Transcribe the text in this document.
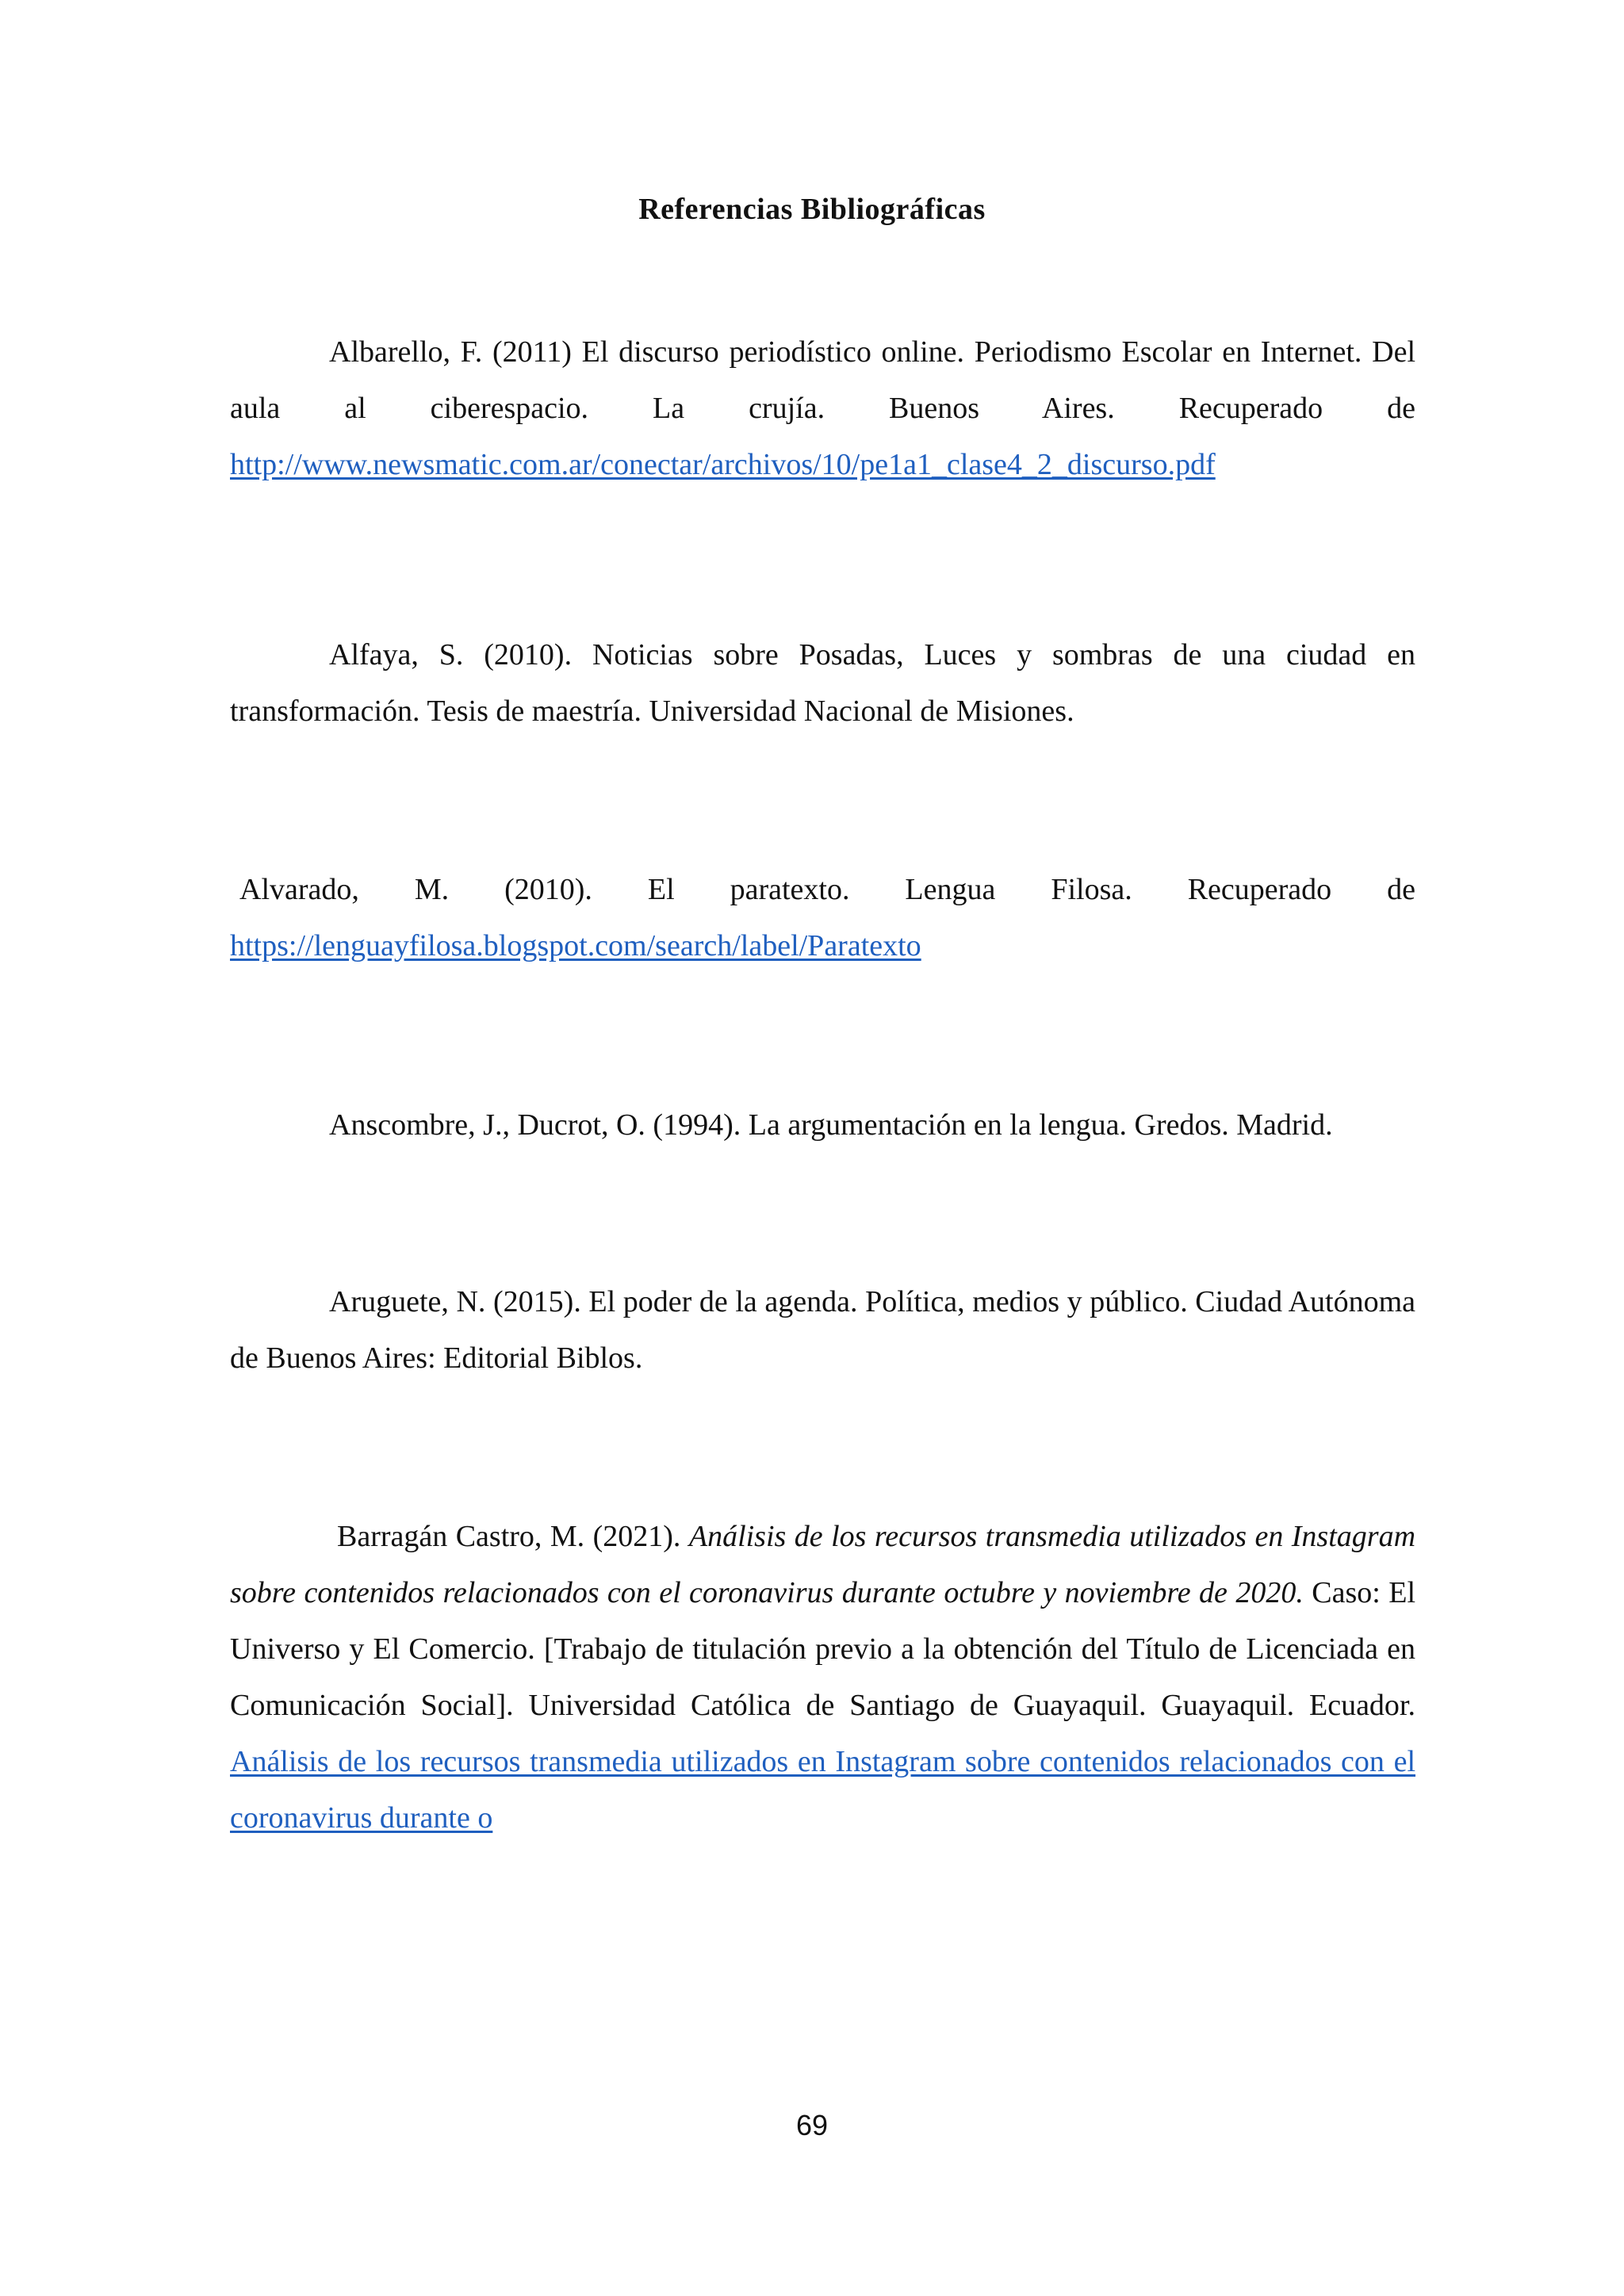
Referencias Bibliográficas

Albarello, F. (2011) El discurso periodístico online. Periodismo Escolar en Internet. Del aula al ciberespacio. La crujía. Buenos Aires. Recuperado de http://www.newsmatic.com.ar/conectar/archivos/10/pe1a1_clase4_2_discurso.pdf

Alfaya, S. (2010). Noticias sobre Posadas, Luces y sombras de una ciudad en transformación. Tesis de maestría. Universidad Nacional de Misiones.

Alvarado, M. (2010). El paratexto. Lengua Filosa. Recuperado de https://lenguayfilosa.blogspot.com/search/label/Paratexto

Anscombre, J., Ducrot, O. (1994). La argumentación en la lengua. Gredos. Madrid.

Aruguete, N. (2015). El poder de la agenda. Política, medios y público. Ciudad Autónoma de Buenos Aires: Editorial Biblos.

Barragán Castro, M. (2021). Análisis de los recursos transmedia utilizados en Instagram sobre contenidos relacionados con el coronavirus durante octubre y noviembre de 2020. Caso: El Universo y El Comercio. [Trabajo de titulación previo a la obtención del Título de Licenciada en Comunicación Social]. Universidad Católica de Santiago de Guayaquil. Guayaquil. Ecuador. Análisis de los recursos transmedia utilizados en Instagram sobre contenidos relacionados con el coronavirus durante o

69
